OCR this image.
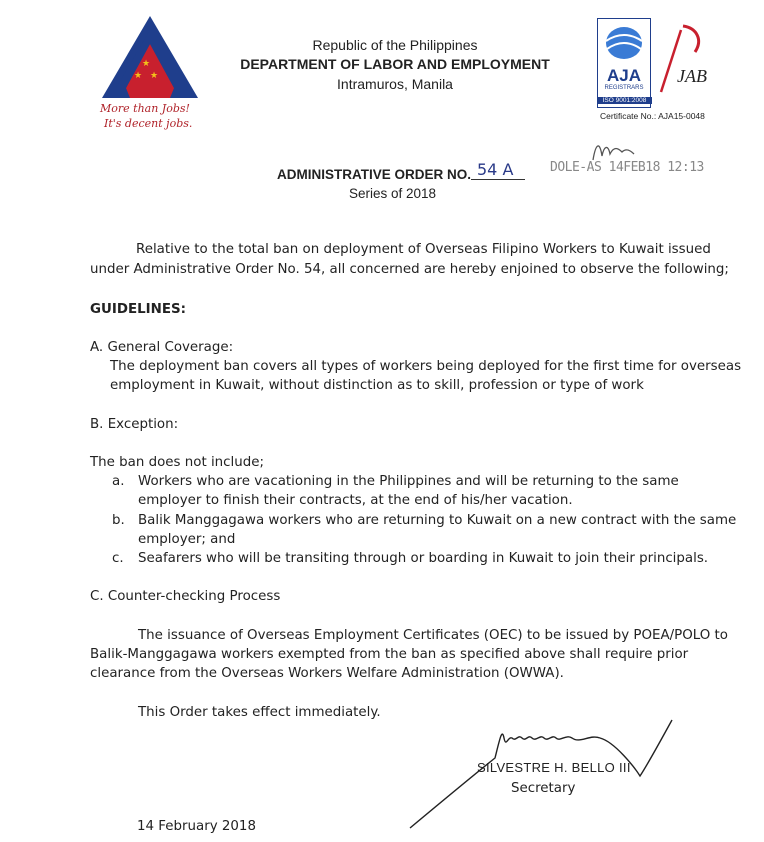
★
★ ★
More than Jobs!
It's decent jobs.
Republic of the Philippines
DEPARTMENT OF LABOR AND EMPLOYMENT
Intramuros, Manila	AJA
REGISTRARS
ISO 9001:2008
JAB
Certificate No.: AJA15-0048
ADMINISTRATIVE ORDER NO. 54 A
Series of 2018
DOLE-AS 14FEB18 12:13
Relative to the total ban on deployment of Overseas Filipino Workers to Kuwait issued
under Administrative Order No. 54, all concerned are hereby enjoined to observe the following;
GUIDELINES:
A. General Coverage:
The deployment ban covers all types of workers being deployed for the first time for overseas
employment in Kuwait, without distinction as to skill, profession or type of work
B. Exception:
The ban does not include;
a. Workers who are vacationing in the Philippines and will be returning to the same
employer to finish their contracts, at the end of his/her vacation.
b. Balik Manggagawa workers who are returning to Kuwait on a new contract with the same
employer; and
c. Seafarers who will be transiting through or boarding in Kuwait to join their principals.
C. Counter-checking Process
The issuance of Overseas Employment Certificates (OEC) to be issued by POEA/POLO to
Balik-Manggagawa workers exempted from the ban as specified above shall require prior
clearance from the Overseas Workers Welfare Administration (OWWA).
This Order takes effect immediately.
SILVESTRE H. BELLO III
Secretary
14 February 2018
